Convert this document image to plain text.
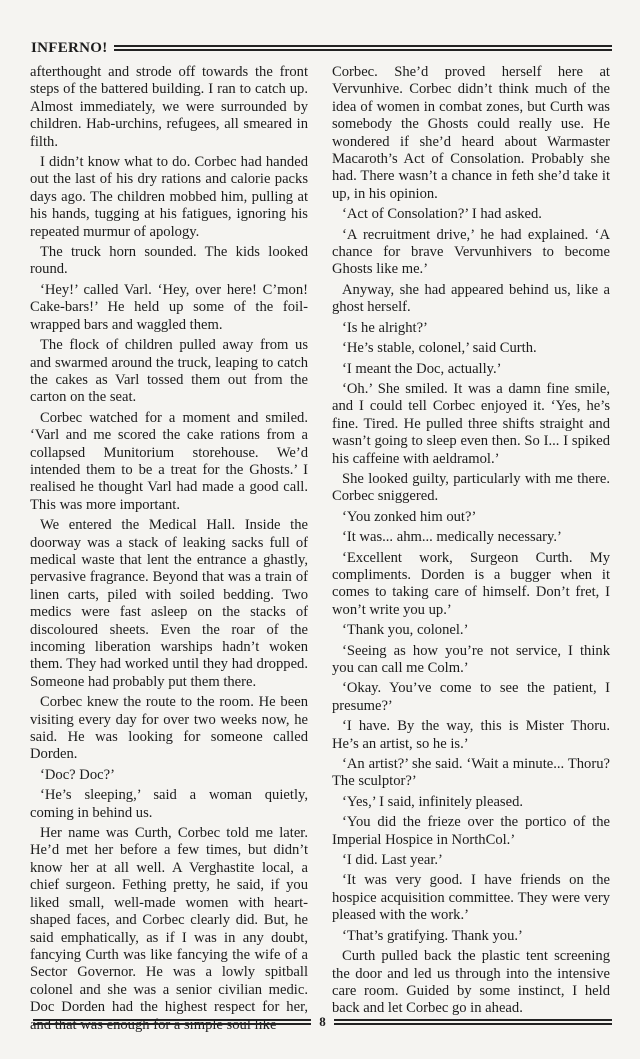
INFERNO!

afterthought and strode off towards the front steps of the battered building. I ran to catch up. Almost immediately, we were surrounded by children. Hab-urchins, refugees, all smeared in filth.

I didn’t know what to do. Corbec had handed out the last of his dry rations and calorie packs days ago. The children mobbed him, pulling at his hands, tugging at his fatigues, ignoring his repeated murmur of apology.

The truck horn sounded. The kids looked round.

‘Hey!’ called Varl. ‘Hey, over here! C’mon! Cake-bars!’ He held up some of the foil-wrapped bars and waggled them.

The flock of children pulled away from us and swarmed around the truck, leaping to catch the cakes as Varl tossed them out from the carton on the seat.

Corbec watched for a moment and smiled. ‘Varl and me scored the cake rations from a collapsed Munitorium storehouse. We’d intended them to be a treat for the Ghosts.’ I realised he thought Varl had made a good call. This was more important.

We entered the Medical Hall. Inside the doorway was a stack of leaking sacks full of medical waste that lent the entrance a ghastly, pervasive fragrance. Beyond that was a train of linen carts, piled with soiled bedding. Two medics were fast asleep on the stacks of discoloured sheets. Even the roar of the incoming liberation warships hadn’t woken them. They had worked until they had dropped. Someone had probably put them there.

Corbec knew the route to the room. He been visiting every day for over two weeks now, he said. He was looking for someone called Dorden.

‘Doc? Doc?’

‘He’s sleeping,’ said a woman quietly, coming in behind us.

Her name was Curth, Corbec told me later. He’d met her before a few times, but didn’t know her at all well. A Verghastite local, a chief surgeon. Fething pretty, he said, if you liked small, well-made women with heart-shaped faces, and Corbec clearly did. But, he said emphatically, as if I was in any doubt, fancying Curth was like fancying the wife of a Sector Governor. He was a lowly spitball colonel and she was a senior civilian medic. Doc Dorden had the highest respect for her, and that was enough for a simple soul like

Corbec. She’d proved herself here at Vervunhive. Corbec didn’t think much of the idea of women in combat zones, but Curth was somebody the Ghosts could really use. He wondered if she’d heard about Warmaster Macaroth’s Act of Consolation. Probably she had. There wasn’t a chance in feth she’d take it up, in his opinion.

‘Act of Consolation?’ I had asked.

‘A recruitment drive,’ he had explained. ‘A chance for brave Vervunhivers to become Ghosts like me.’

Anyway, she had appeared behind us, like a ghost herself.

‘Is he alright?’

‘He’s stable, colonel,’ said Curth.

‘I meant the Doc, actually.’

‘Oh.’ She smiled. It was a damn fine smile, and I could tell Corbec enjoyed it. ‘Yes, he’s fine. Tired. He pulled three shifts straight and wasn’t going to sleep even then. So I... I spiked his caffeine with aeldramol.’

She looked guilty, particularly with me there. Corbec sniggered.

‘You zonked him out?’

‘It was... ahm... medically necessary.’

‘Excellent work, Surgeon Curth. My compliments. Dorden is a bugger when it comes to taking care of himself. Don’t fret, I won’t write you up.’

‘Thank you, colonel.’

‘Seeing as how you’re not service, I think you can call me Colm.’

‘Okay. You’ve come to see the patient, I presume?’

‘I have. By the way, this is Mister Thoru. He’s an artist, so he is.’

‘An artist?’ she said. ‘Wait a minute... Thoru? The sculptor?’

‘Yes,’ I said, infinitely pleased.

‘You did the frieze over the portico of the Imperial Hospice in NorthCol.’

‘I did. Last year.’

‘It was very good. I have friends on the hospice acquisition committee. They were very pleased with the work.’

‘That’s gratifying. Thank you.’

Curth pulled back the plastic tent screening the door and led us through into the intensive care room. Guided by some instinct, I held back and let Corbec go in ahead.

8
